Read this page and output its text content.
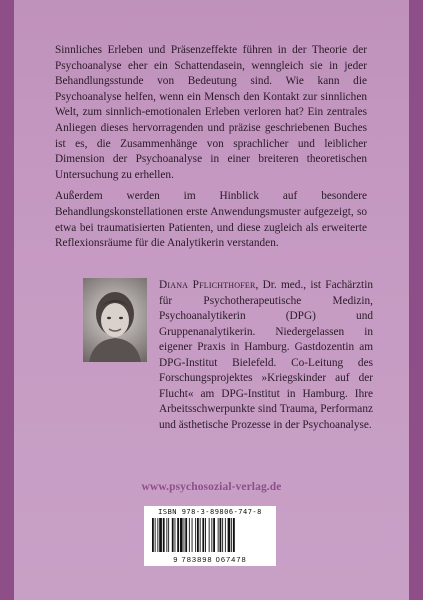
Sinnliches Erleben und Präsenzeffekte führen in der Theorie der Psychoanalyse eher ein Schattendasein, wenngleich sie in jeder Behandlungsstunde von Bedeutung sind. Wie kann die Psychoanalyse helfen, wenn ein Mensch den Kontakt zur sinnlichen Welt, zum sinnlich-emotionalen Erleben verloren hat? Ein zentrales Anliegen dieses hervorragenden und präzise geschriebenen Buches ist es, die Zusammenhänge von sprachlicher und leiblicher Dimension der Psychoanalyse in einer breiteren theoretischen Untersuchung zu erhellen.

Außerdem werden im Hinblick auf besondere Behandlungskonstellationen erste Anwendungsmuster aufgezeigt, so etwa bei traumatisierten Patienten, und diese zugleich als erweiterte Reflexionsräume für die Analytikerin verstanden.

Diana Pflichthofer, Dr. med., ist Fachärztin für Psychotherapeutische Medizin, Psychoanalytikerin (DPG) und Gruppenanalytikerin. Niedergelassen in eigener Praxis in Hamburg. Gastdozentin am DPG-Institut Bielefeld. Co-Leitung des Forschungsprojektes »Kriegskinder auf der Flucht« am DPG-Institut in Hamburg. Ihre Arbeitsschwerpunkte sind Trauma, Performanz und ästhetische Prozesse in der Psychoanalyse.
www.psychosozial-verlag.de
ISBN 978-3-89806-747-8
9 783898 067478
